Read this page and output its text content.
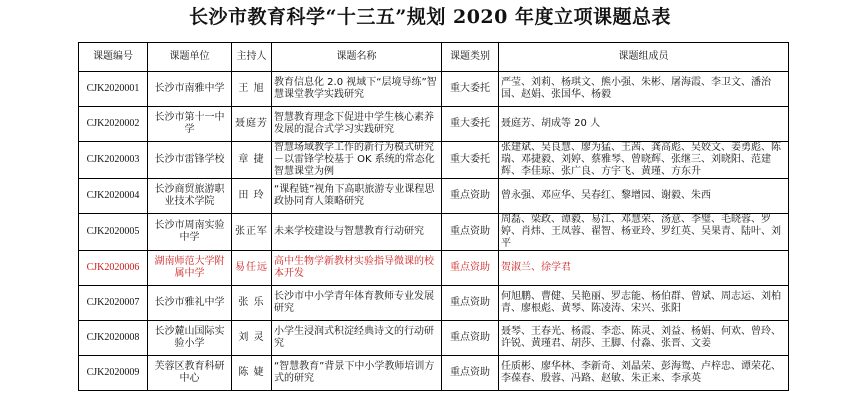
长沙市教育科学“十三五”规划 2020 年度立项课题总表
课题编号	课题单位	主持人	课题名称	课题类别	课题组成员
CJK2020001	长沙市南雅中学	王 旭	教育信息化 2.0 视域下“层境导练”智慧课堂教学实践研究	重大委托	严莹、刘莉、杨琪文、熊小强、朱彬、屠海霞、李卫文、潘治国、赵娟、张国华、杨毅
CJK2020002	长沙市第十一中学	聂庭芳	智慧教育理念下促进中学生核心素养发展的混合式学习实践研究	重大委托	聂庭芳、胡成等 20 人
CJK2020003	长沙市雷锋学校	章 捷	智慧场域教学工作的新行为模式研究－以雷锋学校基于 OK 系统的常态化智慧课堂为例	重大委托	张建斌、吴良慧、廖为猛、王茜、龚高彪、吴姣文、姜勇彪、陈瑞、邓捷毅、刘婷、蔡雅琴、曾晓辉、张继三、刘晓阳、范建辉、李佳琼、张广良、方宇飞、黄瑾、方东升
CJK2020004	长沙商贸旅游职业技术学院	田 玲	“课程链”视角下高职旅游专业课程思政协同育人策略研究	重点资助	曾永强、邓应华、吴春红、黎增园、谢毅、朱西
CJK2020005	长沙市周南实验中学	张正军	未来学校建设与智慧教育行动研究	重点资助	周磊、梁政、谭毅、易江、邓慧荣、汤意、李璧、毛晓蓉、罗婷、肖炜、王凤蓉、翟智、杨亚玲、罗红英、吴果青、陆叶、刘平
CJK2020006	湖南师范大学附属中学	易任远	高中生物学新教材实验指导微课的校本开发	重点资助	贺淑兰、徐学君
CJK2020007	长沙市雅礼中学	张 乐	长沙市中小学青年体育教师专业发展研究	重点资助	何旭鹏、曹健、吴艳丽、罗志能、杨伯群、曾斌、周志运、刘柏青、廖根彪、黄琴、陈凌涛、宋兴、张阳
CJK2020008	长沙麓山国际实验小学	刘 灵	小学生浸润式积淀经典诗文的行动研究	重点资助	聂琴、王春光、杨霞、李恋、陈灵、刘益、杨娟、何欢、曾玲、许锐、黄瑾君、胡莎、王脚、付淼、张晋、文姜
CJK2020009	芙蓉区教育科研中心	陈 婕	“智慧教育”背景下中小学教师培训方式的研究	重点资助	任质彬、廖华林、李新奇、刘晶荣、彭海鸳、卢梓忠、谭荣花、李葆春、殷蓉、冯路、赵敏、朱正来、李承英
